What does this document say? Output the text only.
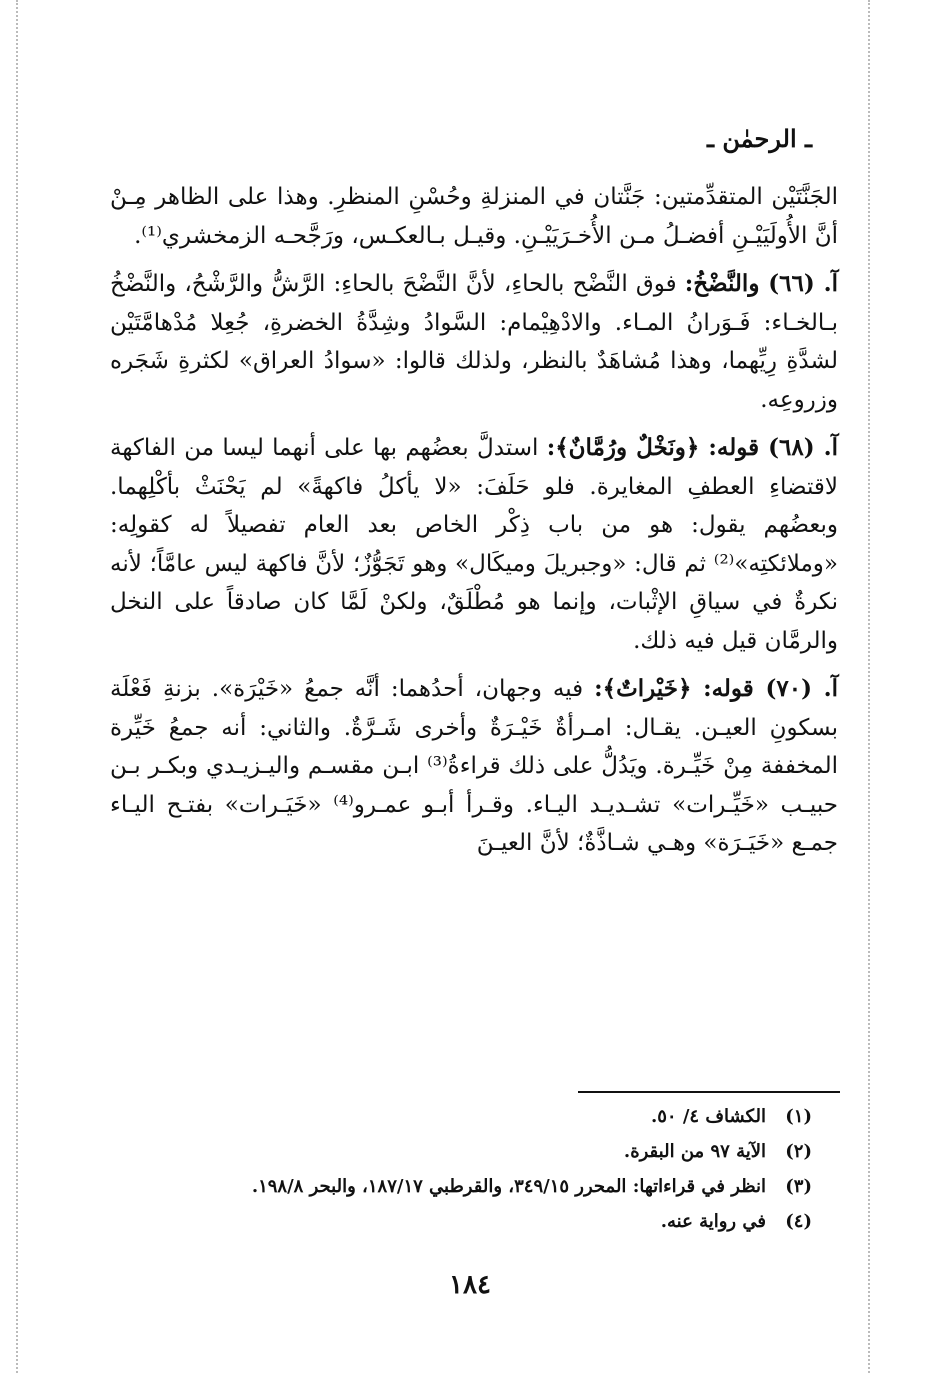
ـ الرحمٰن ـ

الجَنَّتَيْن المتقدِّمتين: جَنَّتان في المنزلةِ وحُسْنِ المنظرِ. وهذا على الظاهر مِـنْ أنَّ الأُولَيَيْـنِ أفضـلُ مـن الأُخـرَيَيْـنِ. وقيـل بـالعكـس، ورَجَّحـه الزمخشري⁽¹⁾.

آ. (٦٦) والنَّضْخُ: فوق النَّضْح بالحاءِ، لأنَّ النَّضْحَ بالحاءِ: الرَّشُّ والرَّشْحُ، والنَّضْخُ بـالخـاء: فَـوَرانُ المـاء. والادْهِيْمام: السَّوادُ وشِدَّةُ الخضرةِ، جُعِلا مُدْهامَّتَيْن لشدَّةِ رِيِّهما، وهذا مُشاهَدٌ بالنظر، ولذلك قالوا: «سوادُ العراق» لكثرةِ شَجَره وزروعِه.

آ. (٦٨) قوله: ﴿ونَخْلٌ ورُمَّانٌ﴾: استدلَّ بعضُهم بها على أنهما ليسا من الفاكهة لاقتضاءِ العطفِ المغايرة. فلو حَلَفَ: «لا يأكلُ فاكهةً» لم يَحْنَثْ بأكْلِهما. وبعضُهم يقول: هو من باب ذِكْر الخاص بعد العام تفصيلاً له كقولِه: «وملائكتِه»⁽²⁾ ثم قال: «وجبريلَ وميكَال» وهو تَجَوُّزٌ؛ لأنَّ فاكهة ليس عامَّاً؛ لأنه نكرةٌ في سياقِ الإثْبات، وإنما هو مُطْلَقٌ، ولكنْ لَمَّا كان صادقاً على النخل والرمَّان قيل فيه ذلك.

آ. (٧٠) قوله: ﴿خَيْراتٌ﴾: فيه وجهان، أحدُهما: أنَّه جمعُ «خَيْرَة». بزنةِ فَعْلَة بسكونِ العيـن. يقـال: امـرأةٌ خَيْـرَةٌ وأخرى شَـرَّةٌ. والثاني: أنه جمعُ خَيِّرة المخففة مِنْ خَيِّـرة. ويَدُلُّ على ذلك قراءةُ⁽³⁾ ابـن مقسـم واليـزيـدي وبكـر بـن حبيـب «خَيِّـرات» تشـديـد اليـاء. وقـرأ أبـو عمـرو⁽⁴⁾ «خَيَـرات» بفتـح اليـاء جمـع «خَيَـرَة» وهـي شـاذَّةٌ؛ لأنَّ العيـنَ

(١)
الكشاف ٤/ ٥٠.
(٢)
الآية ٩٧ من البقرة.
(٣)
انظر في قراءاتها: المحرر ٣٤٩/١٥، والقرطبي ١٨٧/١٧، والبحر ١٩٨/٨.
(٤)
في رواية عنه.
١٨٤
